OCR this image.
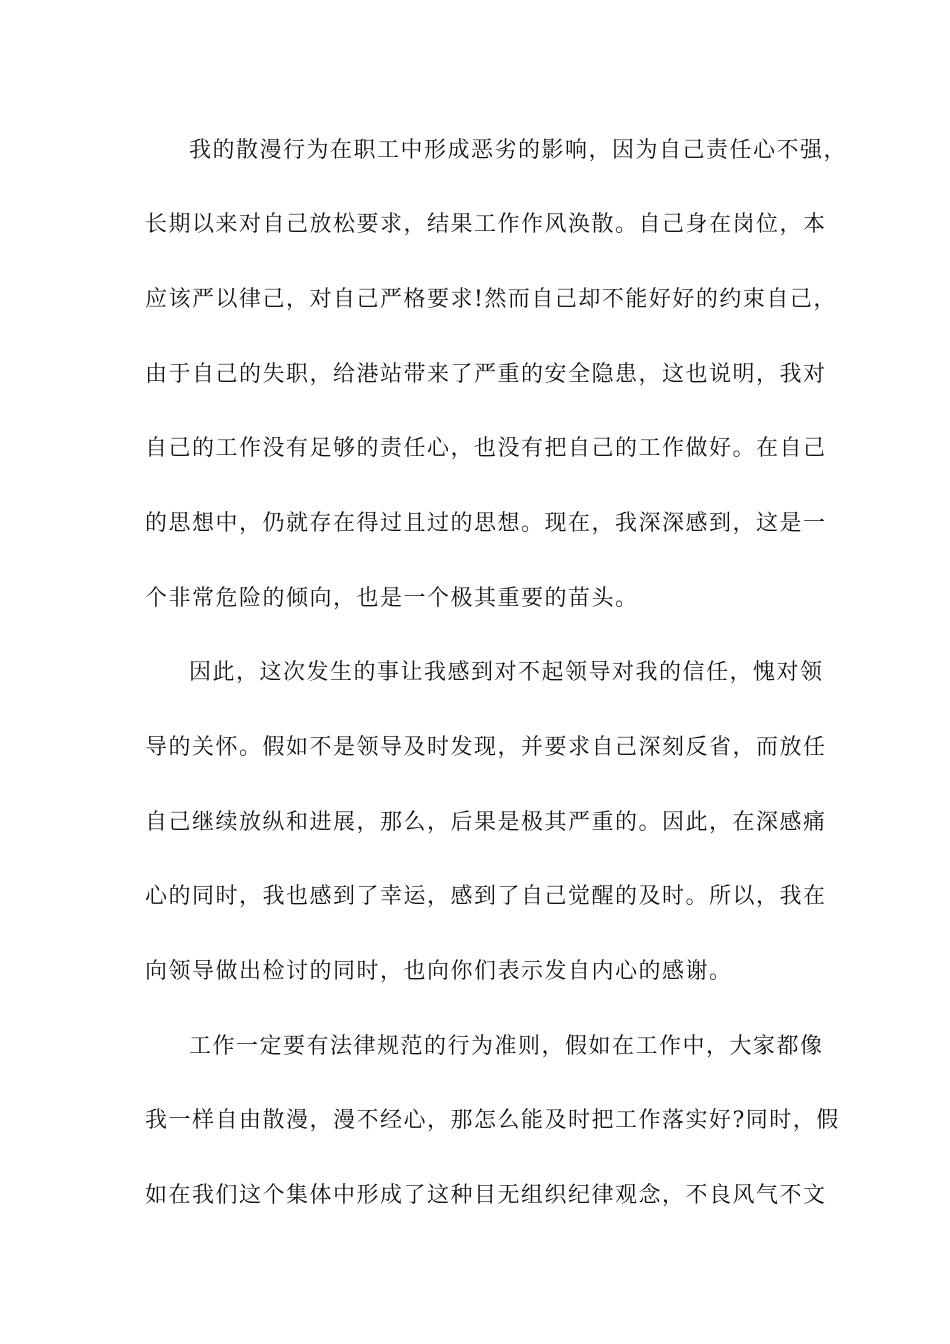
我的散漫行为在职工中形成恶劣的影响，因为自己责任心不强，
长期以来对自己放松要求，结果工作作风涣散。自己身在岗位，本
应该严以律己，对自己严格要求!然而自己却不能好好的约束自己，
由于自己的失职，给港站带来了严重的安全隐患，这也说明，我对
自己的工作没有足够的责任心，也没有把自己的工作做好。在自己
的思想中，仍就存在得过且过的思想。现在，我深深感到，这是一
个非常危险的倾向，也是一个极其重要的苗头。
因此，这次发生的事让我感到对不起领导对我的信任，愧对领
导的关怀。假如不是领导及时发现，并要求自己深刻反省，而放任
自己继续放纵和进展，那么，后果是极其严重的。因此，在深感痛
心的同时，我也感到了幸运，感到了自己觉醒的及时。所以，我在
向领导做出检讨的同时，也向你们表示发自内心的感谢。
工作一定要有法律规范的行为准则，假如在工作中，大家都像
我一样自由散漫，漫不经心，那怎么能及时把工作落实好?同时，假
如在我们这个集体中形成了这种目无组织纪律观念，不良风气不文
